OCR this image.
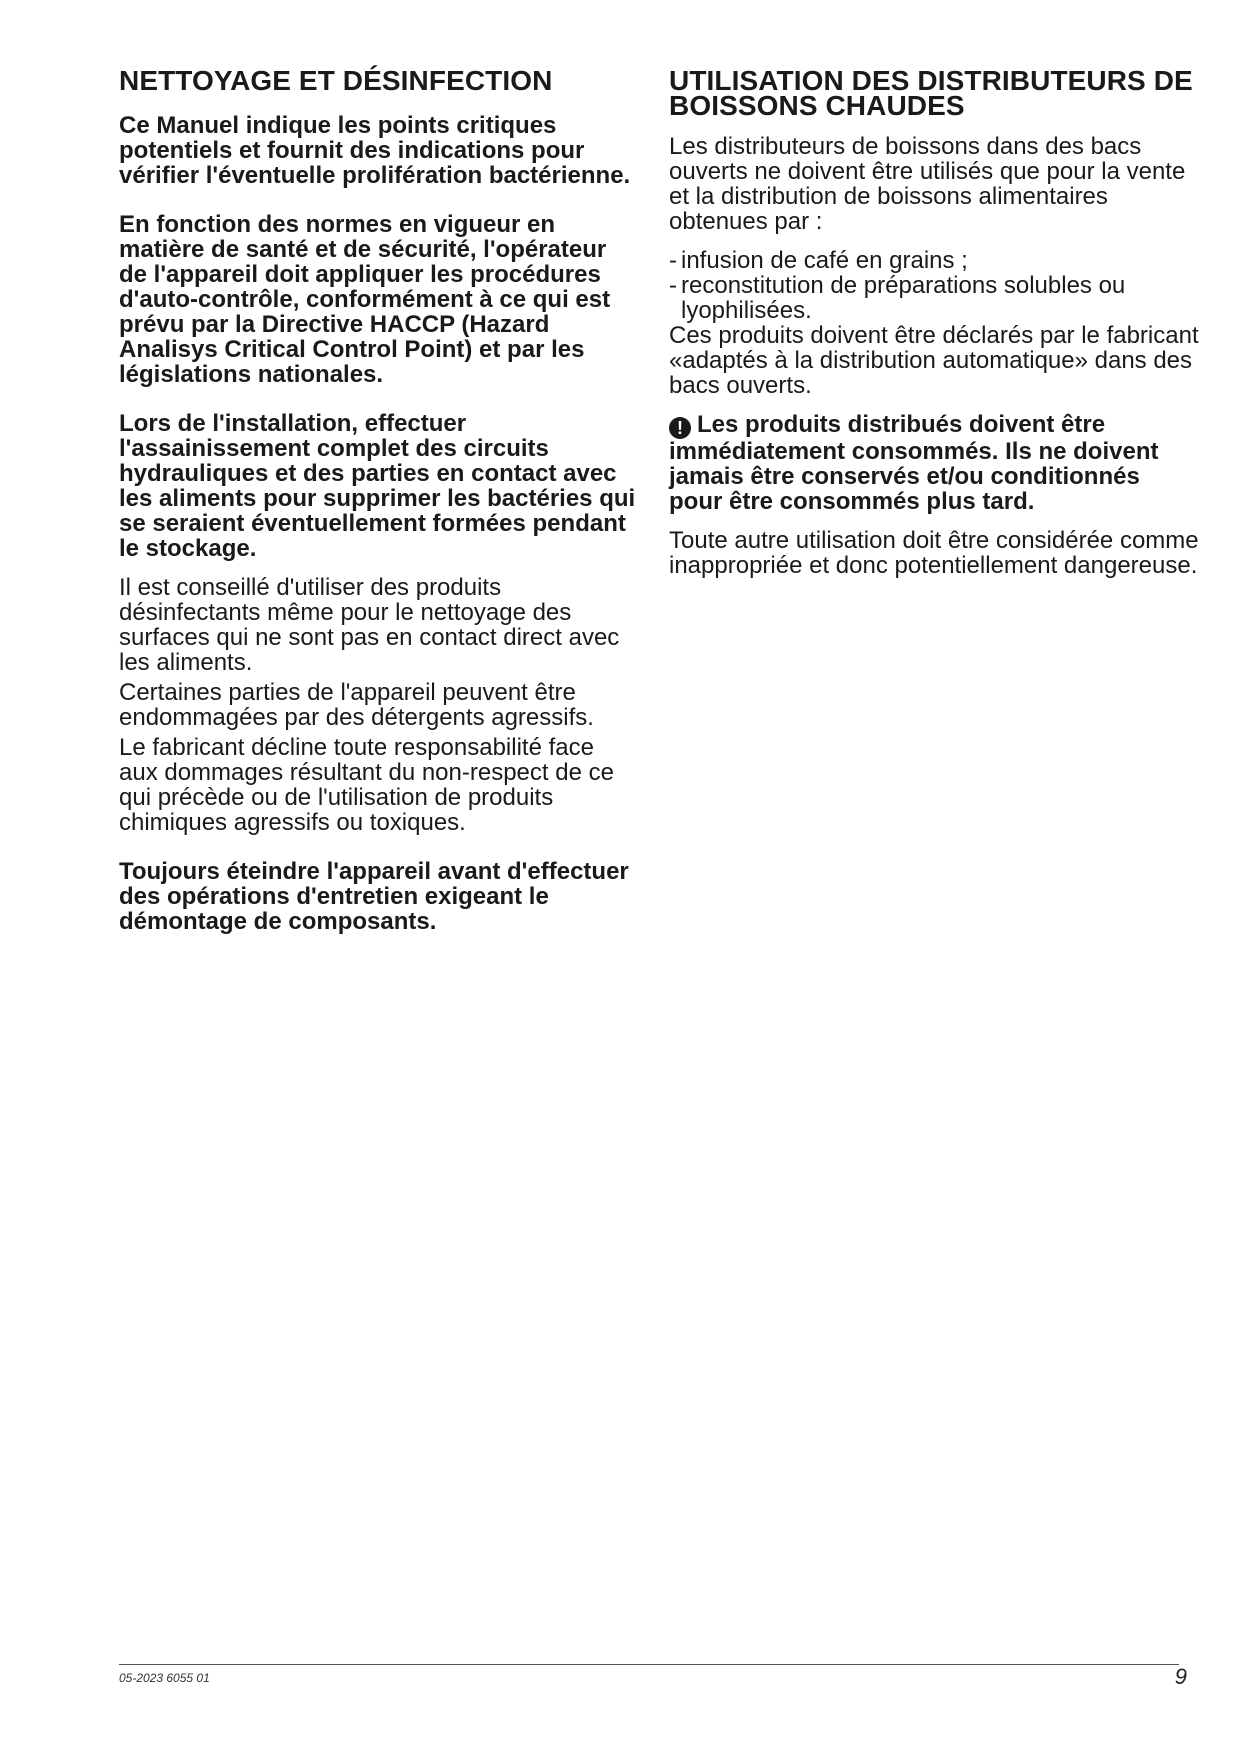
NETTOYAGE ET DÉSINFECTION

Ce Manuel indique les points critiques potentiels et fournit des indications pour vérifier l'éventuelle prolifération bactérienne.

En fonction des normes en vigueur en matière de santé et de sécurité, l'opérateur de l'appareil doit appliquer les procédures d'auto-contrôle, conformément à ce qui est prévu par la Directive HACCP (Hazard Analisys Critical Control Point) et par les législations nationales.

Lors de l'installation, effectuer l'assainissement complet des circuits hydrauliques et des parties en contact avec les aliments pour supprimer les bactéries qui se seraient éventuellement formées pendant le stockage.

Il est conseillé d'utiliser des produits désinfectants même pour le nettoyage des surfaces qui ne sont pas en contact direct avec les aliments.

Certaines parties de l'appareil peuvent être endommagées par des détergents agressifs.

Le fabricant décline toute responsabilité face aux dommages résultant du non-respect de ce qui précède ou de l'utilisation de produits chimiques agressifs ou toxiques.

Toujours éteindre l'appareil avant d'effectuer des opérations d'entretien exigeant le démontage de composants.

UTILISATION DES DISTRIBUTEURS DE BOISSONS CHAUDES

Les distributeurs de boissons dans des bacs ouverts ne doivent être utilisés que pour la vente et la distribution de boissons alimentaires obtenues par :

- infusion de café en grains ;
- reconstitution de préparations solubles ou lyophilisées.

Ces produits doivent être déclarés par le fabricant «adaptés à la distribution automatique» dans des bacs ouverts.

! Les produits distribués doivent être immédiatement consommés. Ils ne doivent jamais être conservés et/ou conditionnés pour être consommés plus tard.

Toute autre utilisation doit être considérée comme inappropriée et donc potentiellement dangereuse.

05-2023 6055 01	9
